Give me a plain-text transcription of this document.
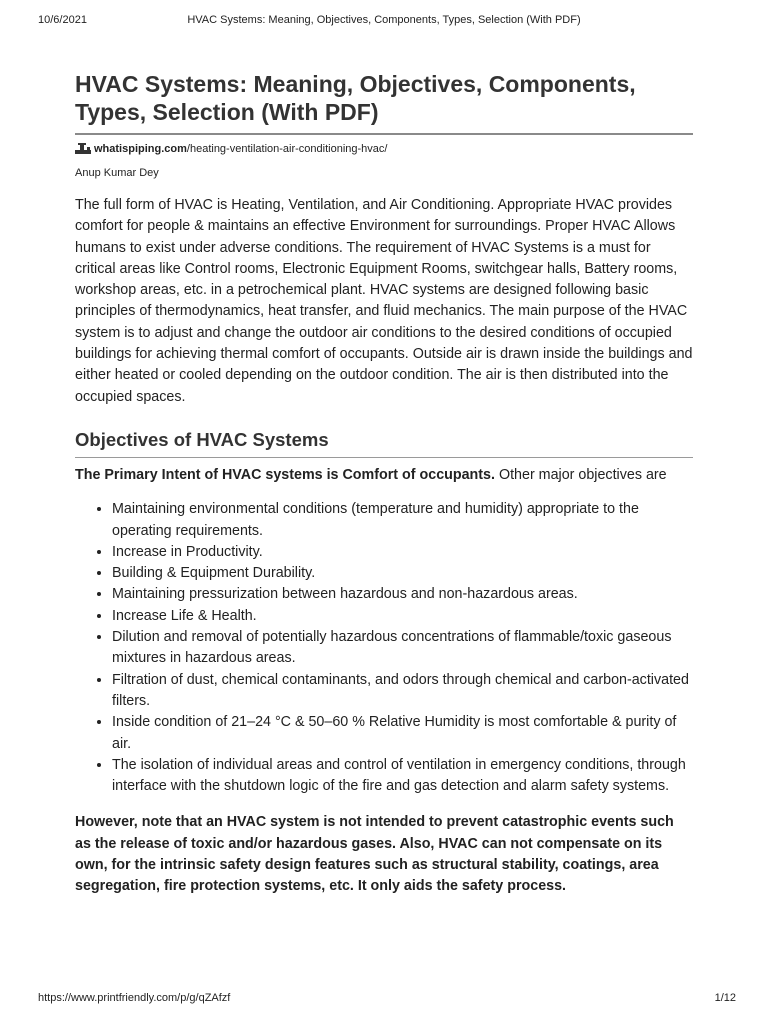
10/6/2021	HVAC Systems: Meaning, Objectives, Components, Types, Selection (With PDF)
HVAC Systems: Meaning, Objectives, Components, Types, Selection (With PDF)
whatispiping.com/heating-ventilation-air-conditioning-hvac/
Anup Kumar Dey

The full form of HVAC is Heating, Ventilation, and Air Conditioning. Appropriate HVAC provides comfort for people & maintains an effective Environment for surroundings. Proper HVAC Allows humans to exist under adverse conditions. The requirement of HVAC Systems is a must for critical areas like Control rooms, Electronic Equipment Rooms, switchgear halls, Battery rooms, workshop areas, etc. in a petrochemical plant. HVAC systems are designed following basic principles of thermodynamics, heat transfer, and fluid mechanics. The main purpose of the HVAC system is to adjust and change the outdoor air conditions to the desired conditions of occupied buildings for achieving thermal comfort of occupants. Outside air is drawn inside the buildings and either heated or cooled depending on the outdoor condition. The air is then distributed into the occupied spaces.

Objectives of HVAC Systems

The Primary Intent of HVAC systems is Comfort of occupants. Other major objectives are

• Maintaining environmental conditions (temperature and humidity) appropriate to the operating requirements.
• Increase in Productivity.
• Building & Equipment Durability.
• Maintaining pressurization between hazardous and non-hazardous areas.
• Increase Life & Health.
• Dilution and removal of potentially hazardous concentrations of flammable/toxic gaseous mixtures in hazardous areas.
• Filtration of dust, chemical contaminants, and odors through chemical and carbon-activated filters.
• Inside condition of 21–24 °C & 50–60 % Relative Humidity is most comfortable & purity of air.
• The isolation of individual areas and control of ventilation in emergency conditions, through interface with the shutdown logic of the fire and gas detection and alarm safety systems.

However, note that an HVAC system is not intended to prevent catastrophic events such as the release of toxic and/or hazardous gases. Also, HVAC can not compensate on its own, for the intrinsic safety design features such as structural stability, coatings, area segregation, fire protection systems, etc. It only aids the safety process.

https://www.printfriendly.com/p/g/qZAfzf	1/12
